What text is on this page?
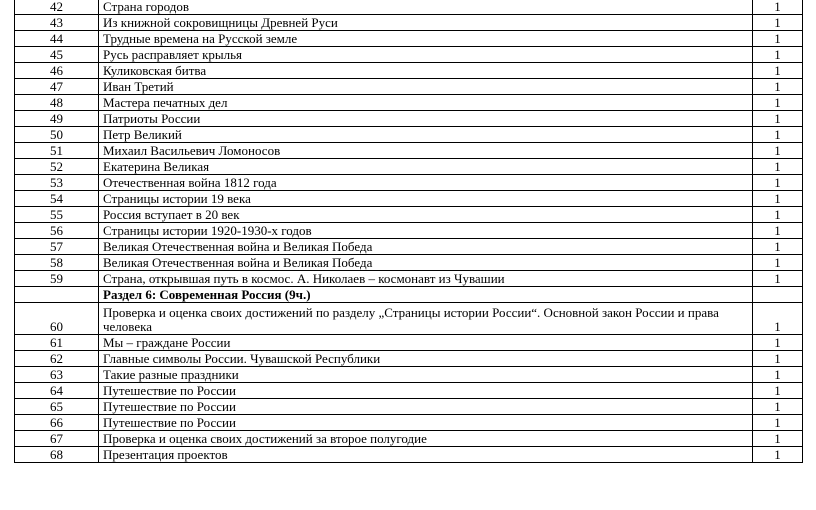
42	Страна городов	1
43	Из книжной сокровищницы Древней Руси	1
44	Трудные времена на Русской земле	1
45	Русь расправляет крылья	1
46	Куликовская битва	1
47	Иван Третий	1
48	Мастера печатных дел	1
49	Патриоты России	1
50	Петр Великий	1
51	Михаил Васильевич Ломоносов	1
52	Екатерина Великая	1
53	Отечественная война 1812 года	1
54	Страницы истории 19 века	1
55	Россия вступает в 20 век	1
56	Страницы истории 1920-1930-х годов	1
57	Великая Отечественная война и Великая Победа	1
58	Великая Отечественная война и Великая Победа	1
59	Страна, открывшая путь в космос. А. Николаев – космонавт из Чувашии	1
	Раздел 6: Современная Россия (9ч.)	
60	Проверка и оценка своих достижений по разделу „Страницы истории России“. Основной закон России и права человека	1
61	Мы – граждане России	1
62	Главные символы России. Чувашской Республики	1
63	Такие разные праздники	1
64	Путешествие по России	1
65	Путешествие по России	1
66	Путешествие по России	1
67	Проверка и оценка своих достижений за второе полугодие	1
68	Презентация проектов	1
